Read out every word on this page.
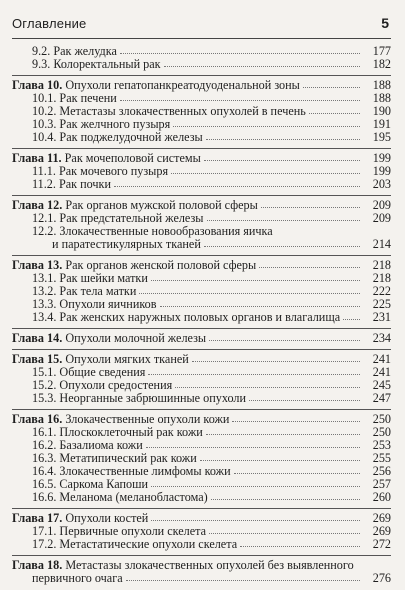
Оглавление	5
9.2. Рак желудка	177
9.3. Колоректальный рак	182
Глава 10. Опухоли гепатопанкреатодуоденальной зоны	188
10.1. Рак печени	188
10.2. Метастазы злокачественных опухолей в печень	190
10.3. Рак желчного пузыря	191
10.4. Рак поджелудочной железы	195
Глава 11. Рак мочеполовой системы	199
11.1. Рак мочевого пузыря	199
11.2. Рак почки	203
Глава 12. Рак органов мужской половой сферы	209
12.1. Рак предстательной железы	209
12.2. Злокачественные новообразования яичка
и паратестикулярных тканей	214
Глава 13. Рак органов женской половой сферы	218
13.1. Рак шейки матки	218
13.2. Рак тела матки	222
13.3. Опухоли яичников	225
13.4. Рак женских наружных половых органов и влагалища	231
Глава 14. Опухоли молочной железы	234
Глава 15. Опухоли мягких тканей	241
15.1. Общие сведения	241
15.2. Опухоли средостения	245
15.3. Неорганные забрюшинные опухоли	247
Глава 16. Злокачественные опухоли кожи	250
16.1. Плоскоклеточный рак кожи	250
16.2. Базалиома кожи	253
16.3. Метатипический рак кожи	255
16.4. Злокачественные лимфомы кожи	256
16.5. Саркома Капоши	257
16.6. Меланома (меланобластома)	260
Глава 17. Опухоли костей	269
17.1. Первичные опухоли скелета	269
17.2. Метастатические опухоли скелета	272
Глава 18. Метастазы злокачественных опухолей без выявленного
первичного очага	276
